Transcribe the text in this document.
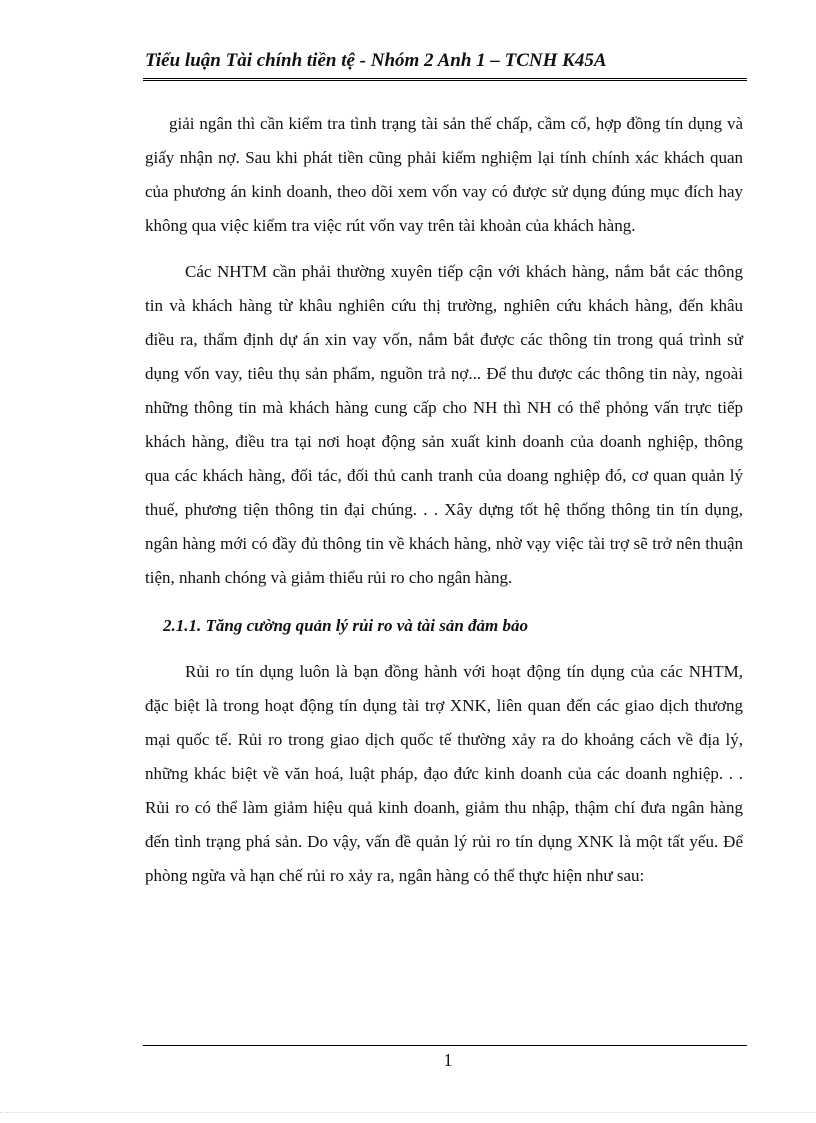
Tiểu luận Tài chính tiền tệ - Nhóm 2 Anh 1 – TCNH K45A

giải ngân thì cần kiểm tra tình trạng tài sản thế chấp, cầm cố, hợp đồng tín dụng và giấy nhận nợ. Sau khi phát tiền cũng phải kiểm nghiệm lại tính chính xác khách quan của phương án kinh doanh, theo dõi xem vốn vay có được sử dụng đúng mục đích hay không qua việc kiểm tra việc rút vốn vay trên tài khoản của khách hàng.

Các NHTM cần phải thường xuyên tiếp cận với khách hàng, nắm bắt các thông tin và khách hàng từ khâu nghiên cứu thị trường, nghiên cứu khách hàng, đến khâu điều ra, thẩm định dự án xin vay vốn, nắm bắt được các thông tin trong quá trình sử dụng vốn vay, tiêu thụ sản phẩm, nguồn trả nợ... Để thu được các thông tin này, ngoài những thông tin mà khách hàng cung cấp cho NH thì NH có thể phỏng vấn trực tiếp khách hàng, điều tra tại nơi hoạt động sản xuất kinh doanh của doanh nghiệp, thông qua các khách hàng, đối tác, đối thủ canh tranh của doang nghiệp đó, cơ quan quản lý thuế, phương tiện thông tin đại chúng. . . Xây dựng tốt hệ thống thông tin tín dụng, ngân hàng mới có đầy đủ thông tin về khách hàng, nhờ vạy việc tài trợ sẽ trở nên thuận tiện, nhanh chóng và giảm thiểu rủi ro cho ngân hàng.

2.1.1. Tăng cường quản lý rủi ro và tài sản đảm bảo

Rủi ro tín dụng luôn là bạn đồng hành với hoạt động tín dụng của các NHTM, đặc biệt là trong hoạt động tín dụng tài trợ XNK, liên quan đến các giao dịch thương mại quốc tế. Rủi ro trong giao dịch quốc tế thường xảy ra do khoảng cách về địa lý, những khác biệt về văn hoá, luật pháp, đạo đức kinh doanh của các doanh nghiệp. . . Rủi ro có thể làm giảm hiệu quả kinh doanh, giảm thu nhập, thậm chí đưa ngân hàng đến tình trạng phá sản. Do vậy, vấn đề quản lý rủi ro tín dụng XNK là một tất yếu. Để phòng ngừa và hạn chế rủi ro xảy ra, ngân hàng có thể thực hiện như sau:

1
